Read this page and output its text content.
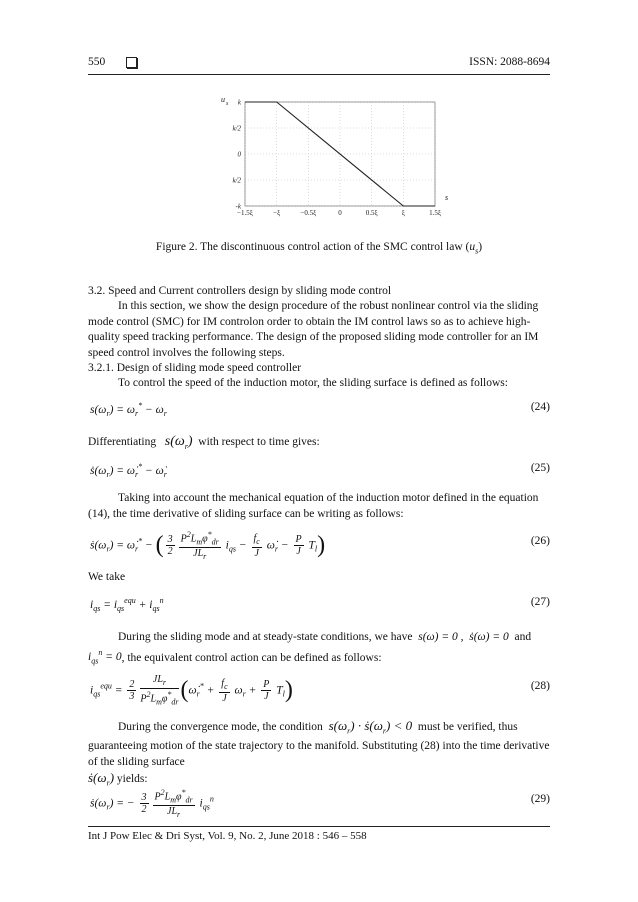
550	ISSN: 2088-8694
−1.5ξ	−ξ	−0.5ξ	0	0.5ξ	ξ	1.5ξ
k
k/2
0
k/2
-k
u s
s
Figure 2. The discontinuous control action of the SMC control law $(u_s)$
3.2. Speed and Current controllers design by sliding mode control
In this section, we show the design procedure of the robust nonlinear control via the sliding mode control (SMC) for IM controlon order to obtain the IM control laws so as to achieve high-quality speed tracking performance. The design of the proposed sliding mode controller for an IM speed control involves the following steps.
3.2.1. Design of sliding mode speed controller
To control the speed of the induction motor, the sliding surface is defined as follows:
$s(\omega_r) = \omega_r^* - \omega_r$
(24)
Differentiating $s(\omega_r)$ with respect to time gives:
$ṡ(\omega_r)$ = $\omegȧ_r^*$ − $\omegȧ_r$
(25)
Taking into account the mechanical equation of the induction motor defined in the equation (14), the time derivative of sliding surface can be writing as follows:
$ṡ(\omega_r)$ = $\omegȧ_r^*$ − ( $\frac{3}{2} \frac{P^2L_m\varphi^*_{dr}}{JL_r} i_{qs} - \frac{f_c}{J}$ $\omegȧ_r - \frac{P}{J} T_l$)	(26)
We take
$i_{qs} = i_{qs}^{equ} + i_{qs}^n$	(27)
During the sliding mode and at steady-state conditions, we have s(ω) = 0 ,  ṡ(ω) = 0  and  $i_{qs}^n = 0$, the equivalent control action can be defined as follows:
$i_{qs}^{equ} = \frac{2}{3} \frac{JL_r}{P^2L_m\varphi^*_{dr}}$ $(\omegȧ_r^* + \frac{f_c}{J} \omega_r + \frac{P}{J} T_l)$	(28)
During the convergence mode, the condition $s(\omega_r)$ · $ṡ(\omega_r) < 0$ must be verified, thus guaranteeing motion of the state trajectory to the manifold. Substituting (28) into the time derivative of the sliding surface
$ṡ(\omega_r)$ yields:
$ṡ(\omega_r)$ = − $\frac{3}{2} \frac{P^2L_m\varphi^*_{dr}}{JL_r} i_{qs}^n$	(29)
Int J Pow Elec & Dri Syst, Vol. 9, No. 2, June 2018 : 546 – 558
